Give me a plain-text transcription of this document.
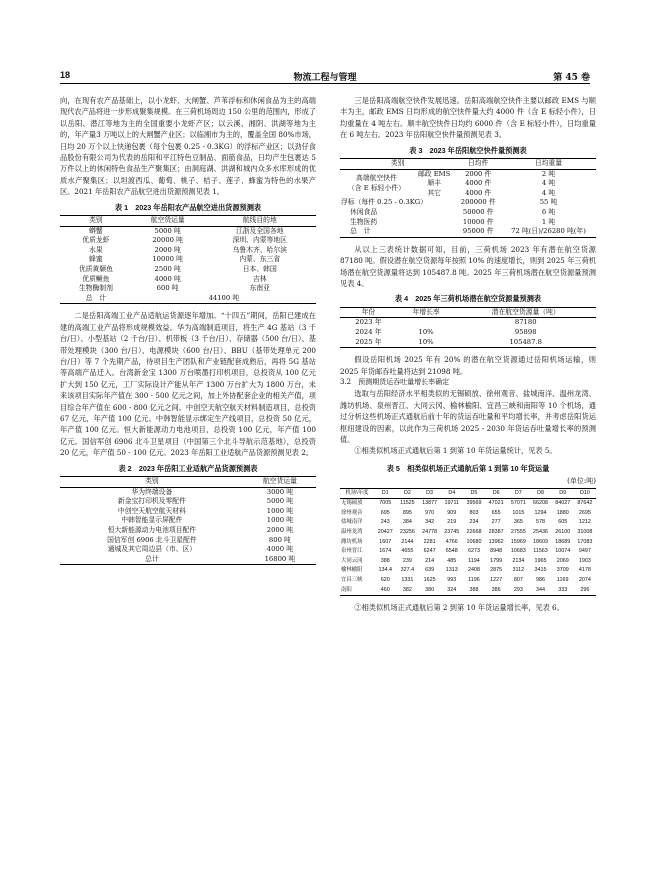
18	物流工程与管理	第 45 卷

向，在现有农产品基础上，以小龙虾、大闸蟹、芦苇浮标和休闲食品为主的高端现代农产品将进一步形成聚集规模。在三荷机场周边 150 公里的范围内，形成了以岳阳、潜江等地为主的全国重要小龙虾产区；以云溪、湘阴、洪湖等地为主的，年产量3 万吨以上的大闸蟹产业区；以临湘市为主的，覆盖全国 80%市场，日均 20 万个以上快递包裹（每个包裹 0.25 - 0.3KG）的浮标产业区；以劲仔食品股份有限公司为代表的岳阳和平江特色豆制品、面筋食品，日均产生包裹达 5 万件以上的休闲特色食品生产聚集区；由洞庭湖、洪湖和城内众多水库形成的优质水产聚集区；以坦渡西瓜、葡萄、桃子、桔子、莲子、蜂蜜为特色的水果产区。2021 年岳阳农产品航空进出货源预测见表 1。

表 1　2023 年岳阳农产品航空进出货源预测表
类别	航空货运量	航线目的地
蟒蟹	5000 吨	江浙及全国各地
优质龙虾	20000 吨	深圳、内蒙等地区
水果	2000 吨	乌鲁木齐、哈尔滨
蜂蜜	10000 吨	内蒙、东三省
优质黄颡鱼	2500 吨	日本、韩国
优质鳜鱼	4000 吨	吉林
生物酶制剂	600 吨	东南亚
总　计	44100 吨	

二是岳阳高端工业产品适航运货源逐年增加。“十四五”期间，岳阳已建成在建的高端工业产品将形成规模效益。华为高端制造项目，将生产 4G 基站（3 千台/日）、小型基站（2 千台/日）、机带板（3 千台/日）、存储器（500 台/日）、基带处理模块（300 台/日）、电源模块（600 台/日）、BBU（基带处理单元 200 台/日）等 7 个先期产品，待项目生产团队和产业链配套成熟后，再将 5G 基站等高端产品迁入。台湾新金宝 1300 万台喷墨打印机项目，总投资从 100 亿元扩大到 150 亿元，工厂实际设计产能从年产 1300 万台扩大为 1800 万台，未来该项目实际年产值在 300 - 500 亿元之间，加上外协配套企业的相关产值，项目综合年产值在 600 - 800 亿元之间。中创空天航空航天材料制造项目，总投资 67 亿元，年产值 100 亿元。中韩智能显示绑定生产线项目，总投资 50 亿元，年产值 100 亿元。恒大新能源动力电池项目，总投资 100 亿元，年产值 100 亿元。国信军创 6906 北斗卫星项目（中国第三个北斗导航示范基地），总投资 20 亿元，年产值 50 - 100 亿元。2023 年岳阳工业适航产品货源预测见表 2。

表 2　2023 年岳阳工业适航产品货源预测表
类别	航空货运量
华为终端设备	3000 吨
新金宝打印机及零配件	5000 吨
中创空天航空航天材料	1000 吨
中韩智能显示屏配件	1000 吨
恒大新能源动力电池项目配件	2000 吨
国信军创 6906 北斗卫星配件	800 吨
通城及其它周边县（市、区）	4000 吨
总计	16800 吨

三是岳阳高端航空快件发展迅速。岳阳高端航空快件主要以邮政 EMS 与顺丰为主，邮政 EMS 日均形成的航空快件量大约 4000 件（含 E 标轻小件），日均重量在 4 吨左右。顺丰航空快件日均约 6000 件（含 E 标轻小件），日均重量在 6 吨左右。2023 年岳阳航空快件量预测见表 3。

表 3　2023 年岳阳航空快件量预测表
类别		日均件	日均重量

高端航空快件
（含 E 标轻小件）	邮政 EMS	2000 件	2 吨
	顺丰	4000 件	4 吨
	其它	4000 件	4 吨
浮标（每件 0.25 - 0.3KG）		200000 件	55 吨
休闲食品		50000 件	6 吨
生物医药		10000 件	1 吨
总　计		95000 件	72 吨(日)/26280 吨(年)

从以上三表统计数据可知，目前，三荷机场 2023 年有潜在航空货源 87180 吨。假设潜在航空货源每年按照 10% 的速度增长，则到 2025 年三荷机场潜在航空货源量将达到 105487.8 吨。2025 年三荷机场潜在航空货源量预测见表 4。

表 4　2025 年三荷机场潜在航空货源量预测表
年份	年增长率	潜在航空货源量（吨）
2023 年		87180
2024 年	10%	95898
2025 年	10%	105487.8

假设岳阳机场 2025 年有 20% 的潜在航空货源通过岳阳机场运输，则 2025 年货邮吞吐量将达到 21098 吨。

3.2　预测期货运吞吐量增长率确定

选取与岳阳经济水平相类似的无锡硕放、徐州观音、盐城南洋、温州龙湾、潍坊机场、泉州晋江、大同云冈、榆林榆阳、宜昌三峡和南阳等 10 个机场，通过分析这些机场正式通航后前十年的货运吞吐量和平均增长率，并考虑岳阳货运枢纽建设的因素，以此作为三荷机场 2025 - 2030 年货运吞吐量增长率的预测值。

①相类似机场正式通航后第 1 到第 10 年货运量统计，见表 5。

表 5　相类似机场正式通航后第 1 到第 10 年货运量
(单位:吨)
机场\年度	D1	D2	D3	D4	D5	D6	D7	D8	D9	D10
无锡硕放	7005	11525	13877	19711	39569	47021	57071	66208	84027	87642
徐州观音	695	895	970	909	803	655	1015	1294	1880	2695
盐城南洋	243	384	342	219	234	277	365	578	605	1212
温州龙湾	20427	23256	24778	23745	22668	28387	27555	25436	26100	31008
潍坊机场	1607	2144	2281	4766	10680	13962	15969	18609	18689	17083
泉州晋江	1674	4655	6247	6548	6273	8948	10683	11563	10074	9497
大同云冈	388	239	214	485	1194	1799	2134	1965	2069	1903
榆林榆阳	134.4	327.4	639	1313	2408	2875	3112	3415	3709	4178
宜昌三峡	620	1331	1625	993	1196	1227	807	986	1169	2074
南阳	460	382	380	324	388	386	293	344	333	296

②相类似机场正式通航后第 2 到第 10 年货运量增长率，见表 6。
